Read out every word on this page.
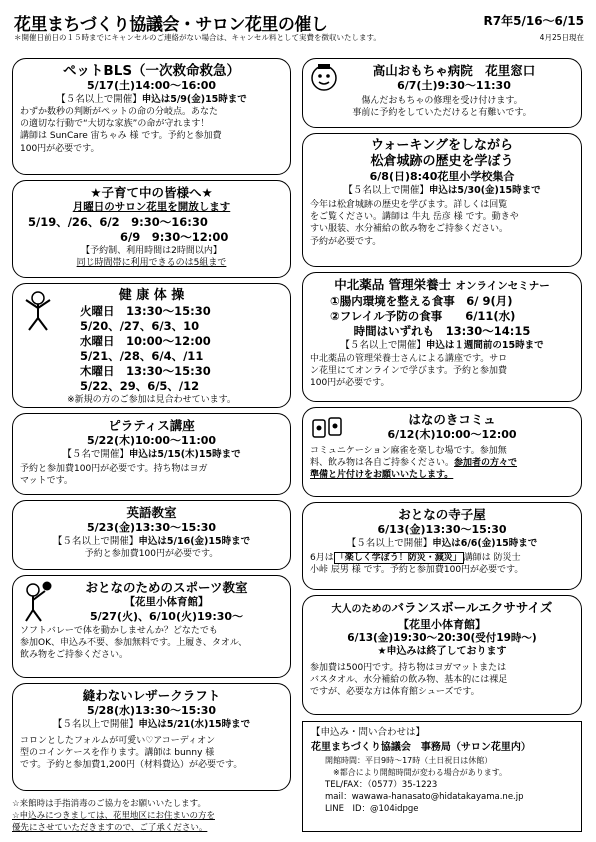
花里まちづくり協議会・サロン花里の催し	R7年5/16～6/15
＊開催日前日の１５時までにキャンセルのご連絡がない場合は、キャンセル料として実費を徴収いたします。	4月25日現在
ペットBLS（一次救命救急）
5/17(土)14:00～16:00
【５名以上で開催】申込は5/9(金)15時まで
わずか数秒の判断がペットの命の分岐点。あなた
の適切な行動で“大切な家族”の命が守れます！
講師は SunCare 宙ちゃみ 様 です。予約と参加費
100円が必要です。
★子育て中の皆様へ★
月曜日のサロン花里を開放します
5/19、/26、6/2　9:30～16:30
6/9　9:30～12:00
【予約制、利用時間は2時間以内】
同じ時間帯に利用できるのは5組まで
健 康 体 操
火曜日　13:30～15:30
5/20、/27、6/3、10
水曜日　10:00～12:00
5/21、/28、6/4、/11
木曜日　13:30～15:30
5/22、29、6/5、/12
※新規の方のご参加は見合わせています。
ピラティス講座
5/22(木)10:00～11:00
【５名で開催】申込は5/15(木)15時まで
予約と参加費100円が必要です。持ち物はヨガ
マットです。
英語教室
5/23(金)13:30～15:30
【５名以上で開催】申込は5/16(金)15時まで
予約と参加費100円が必要です。
おとなのためのスポーツ教室
【花里小体育館】
5/27(火)、6/10(火)19:30～
ソフトバレーで体を動かしませんか？どなたでも
参加OK、申込み不要、参加無料です。上履き、タオル、
飲み物をご持参ください。
縫わないレザークラフト
5/28(水)13:30～15:30
【５名以上で開催】申込は5/21(水)15時まで
コロンとしたフォルムが可愛い♡アコーディオン
型のコインケースを作ります。講師は bunny 様
です。予約と参加費1,200円（材料費込）が必要です。
☆来館時は手指消毒のご協力をお願いいたします。
☆申込みにつきましては、花里地区にお住まいの方を
優先にさせていただきますので、ご了承ください。
高山おもちゃ病院　花里窓口
6/7(土)9:30～11:30
傷んだおもちゃの修理を受け付けます。
事前に予約をしていただけると有難いです。
ウォーキングをしながら
松倉城跡の歴史を学ぼう
6/8(日)8:40花里小学校集合
【５名以上で開催】申込は5/30(金)15時まで
今年は松倉城跡の歴史を学びます。詳しくは回覧
をご覧ください。講師は 牛丸 岳彦 様 です。動きや
すい服装、水分補給の飲み物をご持参ください。
予約が必要です。
中北薬品 管理栄養士 オンラインセミナー
①腸内環境を整える食事　6/ 9(月)
②フレイル予防の食事　　6/11(水)
時間はいずれも　13:30～14:15
【５名以上で開催】申込は１週間前の15時まで
中北薬品の管理栄養士さんによる講座です。サロ
ン花里にてオンラインで学びます。予約と参加費
100円が必要です。
はなのきコミュ
6/12(木)10:00～12:00
コミュニケーション麻雀を楽しむ場です。参加無
料、飲み物は各自ご持参ください。参加者の方々で
準備と片付けをお願いいたします。
おとなの寺子屋
6/13(金)13:30～15:30
【５名以上で開催】申込は6/6(金)15時まで
6月は 「楽しく学ぼう！防災・減災」 講師は 防災士
小峠 辰男 様 です。予約と参加費100円が必要です。
大人のためのバランスボールエクササイズ
【花里小体育館】
6/13(金)19:30～20:30(受付19時～)
★申込みは終了しております
参加費は500円です。持ち物はヨガマットまたは
バスタオル、水分補給の飲み物、基本的には裸足
ですが、必要な方は体育館シューズです。
【申込み・問い合わせは】
花里まちづくり協議会　事務局（サロン花里内）
開館時間：平日9時～17時（土日祝日は休館）
※都合により開館時間が変わる場合があります。
TEL/FAX：（0577）35-1223
mail：wawawa-hanasato@hidatakayama.ne.jp
LINE　ID：@104idpge
